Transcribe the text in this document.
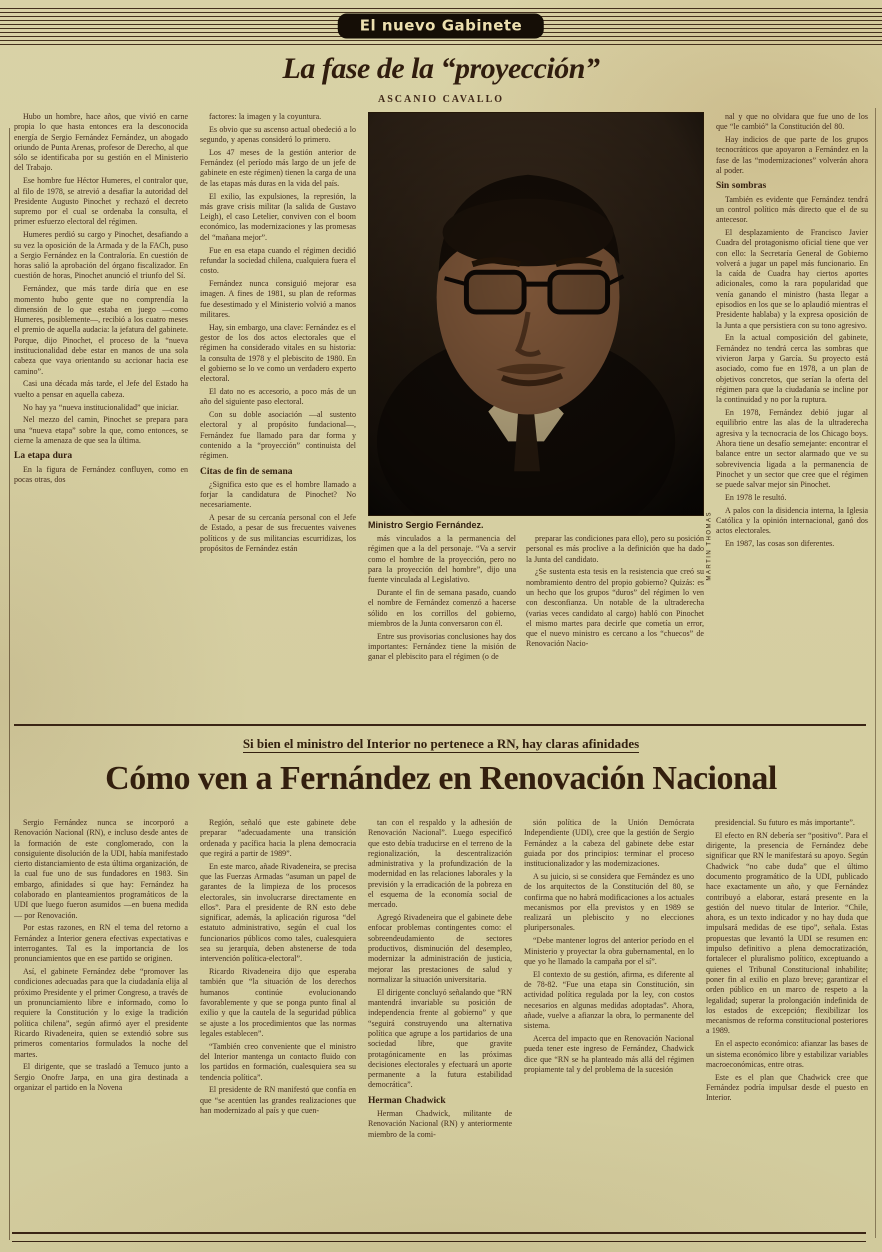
El nuevo Gabinete
La fase de la “proyección”
ASCANIO CAVALLO

Hubo un hombre, hace años, que vivió en carne propia lo que hasta entonces era la desconocida energía de Sergio Fernández Fernández, un abogado oriundo de Punta Arenas, profesor de Derecho, al que sólo se identificaba por su gestión en el Ministerio del Trabajo.

Ese hombre fue Héctor Humeres, el contralor que, al filo de 1978, se atrevió a desafiar la autoridad del Presidente Augusto Pinochet y rechazó el decreto supremo por el cual se ordenaba la consulta, el primer esfuerzo electoral del régimen.

Humeres perdió su cargo y Pinochet, desafiando a su vez la oposición de la Armada y de la FACh, puso a Sergio Fernández en la Contraloría. En cuestión de horas salió la aprobación del órgano fiscalizador. En cuestión de horas, Pinochet anunció el triunfo del Sí.

Fernández, que más tarde diría que en ese momento hubo gente que no comprendía la dimensión de lo que estaba en juego —como Humeres, posiblemente—, recibió a los cuatro meses el premio de aquella audacia: la jefatura del gabinete. Porque, dijo Pinochet, el proceso de la “nueva institucionalidad debe estar en manos de una sola cabeza que vaya orientando su accionar hacia ese camino”.

Casi una década más tarde, el Jefe del Estado ha vuelto a pensar en aquella cabeza.

No hay ya “nueva institucionalidad” que iniciar.

Nel mezzo del camin, Pinochet se prepara para una “nueva etapa” sobre la que, como entonces, se cierne la amenaza de que sea la última.

La etapa dura

En la figura de Fernández confluyen, como en pocas otras, dos

factores: la imagen y la coyuntura.

Es obvio que su ascenso actual obedeció a lo segundo, y apenas consideró lo primero.

Los 47 meses de la gestión anterior de Fernández (el período más largo de un jefe de gabinete en este régimen) tienen la carga de una de las etapas más duras en la vida del país.

El exilio, las expulsiones, la represión, la más grave crisis militar (la salida de Gustavo Leigh), el caso Letelier, conviven con el boom económico, las modernizaciones y las promesas del “mañana mejor”.

Fue en esa etapa cuando el régimen decidió refundar la sociedad chilena, cualquiera fuera el costo.

Fernández nunca consiguió mejorar esa imagen. A fines de 1981, su plan de reformas fue desestimado y el Ministerio volvió a manos militares.

Hay, sin embargo, una clave: Fernández es el gestor de los dos actos electorales que el régimen ha considerado vitales en su historia: la consulta de 1978 y el plebiscito de 1980. En el gobierno se lo ve como un verdadero experto electoral.

El dato no es accesorio, a poco más de un año del siguiente paso electoral.

Con su doble asociación —al sustento electoral y al propósito fundacional—, Fernández fue llamado para dar forma y contenido a la “proyección” continuista del régimen.

Citas de fin de semana

¿Significa esto que es el hombre llamado a forjar la candidatura de Pinochet? No necesariamente.

A pesar de su cercanía personal con el Jefe de Estado, a pesar de sus frecuentes vaivenes políticos y de sus militancias escurridizas, los propósitos de Fernández están	MARTIN THOMAS
Ministro Sergio Fernández.

más vinculados a la permanencia del régimen que a la del personaje. “Va a servir como el hombre de la proyección, pero no para la proyección del hombre”, dijo una fuente vinculada al Legislativo.

Durante el fin de semana pasado, cuando el nombre de Fernández comenzó a hacerse sólido en los corrillos del gobierno, miembros de la Junta conversaron con él.

Entre sus provisorias conclusiones hay dos importantes: Fernández tiene la misión de ganar el plebiscito para el régimen (o de

preparar las condiciones para ello), pero su posición personal es más proclive a la definición que ha dado la Junta del candidato.

¿Se sustenta esta tesis en la resistencia que creó su nombramiento dentro del propio gobierno? Quizás: es un hecho que los grupos “duros” del régimen lo ven con desconfianza. Un notable de la ultraderecha (varias veces candidato al cargo) habló con Pinochet el mismo martes para decirle que cometía un error, que el nuevo ministro es cercano a los “chuecos” de Renovación Nacio-

nal y que no olvidara que fue uno de los que “le cambió” la Constitución del 80.

Hay indicios de que parte de los grupos tecnocráticos que apoyaron a Fernández en la fase de las “modernizaciones” volverán ahora al poder.

Sin sombras

También es evidente que Fernández tendrá un control político más directo que el de su antecesor.

El desplazamiento de Francisco Javier Cuadra del protagonismo oficial tiene que ver con ello: la Secretaría General de Gobierno volverá a jugar un papel más funcionario. En la caída de Cuadra hay ciertos aportes adicionales, como la rara popularidad que venía ganando el ministro (hasta llegar a episodios en los que se lo aplaudió mientras el Presidente hablaba) y la expresa oposición de la Junta a que persistiera con su tono agresivo.

En la actual composición del gabinete, Fernández no tendrá cerca las sombras que vivieron Jarpa y García. Su proyecto está asociado, como fue en 1978, a un plan de objetivos concretos, que serían la oferta del régimen para que la ciudadanía se incline por la continuidad y no por la ruptura.

En 1978, Fernández debió jugar al equilibrio entre las alas de la ultraderecha agresiva y la tecnocracia de los Chicago boys. Ahora tiene un desafío semejante: encontrar el balance entre un sector alarmado que ve su sobrevivencia ligada a la permanencia de Pinochet y un sector que cree que el régimen se puede salvar mejor sin Pinochet.

En 1978 le resultó.

A palos con la disidencia interna, la Iglesia Católica y la opinión internacional, ganó dos actos electorales.

En 1987, las cosas son diferentes.

Si bien el ministro del Interior no pertenece a RN, hay claras afinidades
Cómo ven a Fernández en Renovación Nacional

Sergio Fernández nunca se incorporó a Renovación Nacional (RN), e incluso desde antes de la formación de este conglomerado, con la consiguiente disolución de la UDI, había manifestado cierto distanciamiento de esta última organización, de la cual fue uno de sus fundadores en 1983. Sin embargo, afinidades sí que hay: Fernández ha colaborado en planteamientos programáticos de la UDI que luego fueron asumidos —en buena medida— por Renovación.

Por estas razones, en RN el tema del retorno a Fernández a Interior genera efectivas expectativas e interrogantes. Tal es la importancia de los pronunciamientos que en ese partido se originen.

Así, el gabinete Fernández debe “promover las condiciones adecuadas para que la ciudadanía elija al próximo Presidente y el primer Congreso, a través de un pronunciamiento libre e informado, como lo requiere la Constitución y lo exige la tradición política chilena”, según afirmó ayer el presidente Ricardo Rivadeneira, quien se extendió sobre sus primeros comentarios formulados la noche del martes.

El dirigente, que se trasladó a Temuco junto a Sergio Onofre Jarpa, en una gira destinada a organizar el partido en la Novena

Región, señaló que este gabinete debe preparar “adecuadamente una transición ordenada y pacífica hacia la plena democracia que regirá a partir de 1989”.

En este marco, añade Rivadeneira, se precisa que las Fuerzas Armadas “asuman un papel de garantes de la limpieza de los procesos electorales, sin involucrarse directamente en ellos”. Para el presidente de RN esto debe significar, además, la aplicación rigurosa “del estatuto administrativo, según el cual los funcionarios públicos como tales, cualesquiera sea su jerarquía, deben abstenerse de toda intervención política-electoral”.

Ricardo Rivadeneira dijo que esperaba también que “la situación de los derechos humanos continúe evolucionando favorablemente y que se ponga punto final al exilio y que la cautela de la seguridad pública se ajuste a los procedimientos que las normas legales establecen”.

“También creo conveniente que el ministro del Interior mantenga un contacto fluido con los partidos en formación, cualesquiera sea su tendencia política”.

El presidente de RN manifestó que confía en que “se acentúen las grandes realizaciones que han modernizado al país y que cuen-

tan con el respaldo y la adhesión de Renovación Nacional”. Luego especificó que esto debía traducirse en el terreno de la regionalización, la descentralización administrativa y la profundización de la modernidad en las relaciones laborales y la previsión y la erradicación de la pobreza en el esquema de la economía social de mercado.

Agregó Rivadeneira que el gabinete debe enfocar problemas contingentes como: el sobreendeudamiento de sectores productivos, disminución del desempleo, modernizar la administración de justicia, mejorar las prestaciones de salud y normalizar la situación universitaria.

El dirigente concluyó señalando que “RN mantendrá invariable su posición de independencia frente al gobierno” y que “seguirá construyendo una alternativa política que agrupe a los partidarios de una sociedad libre, que gravite protagónicamente en las próximas decisiones electorales y efectuará un aporte permanente a la futura estabilidad democrática”.

Herman Chadwick

Herman Chadwick, militante de Renovación Nacional (RN) y anteriormente miembro de la comi-

sión política de la Unión Demócrata Independiente (UDI), cree que la gestión de Sergio Fernández a la cabeza del gabinete debe estar guiada por dos principios: terminar el proceso institucionalizador y las modernizaciones.

A su juicio, si se considera que Fernández es uno de los arquitectos de la Constitución del 80, se confirma que no habrá modificaciones a los actuales mecanismos por ella previstos y en 1989 se realizará un plebiscito y no elecciones pluripersonales.

“Debe mantener logros del anterior período en el Ministerio y proyectar la obra gubernamental, en lo que yo he llamado la campaña por el sí”.

El contexto de su gestión, afirma, es diferente al de 78-82. “Fue una etapa sin Constitución, sin actividad política regulada por la ley, con costos necesarios en algunas medidas adoptadas”. Ahora, añade, vuelve a afianzar la obra, lo permanente del sistema.

Acerca del impacto que en Renovación Nacional pueda tener este ingreso de Fernández, Chadwick dice que “RN se ha planteado más allá del régimen propiamente tal y del problema de la sucesión

presidencial. Su futuro es más importante”.

El efecto en RN debería ser “positivo”. Para el dirigente, la presencia de Fernández debe significar que RN le manifestará su apoyo. Según Chadwick “no cabe duda” que el último documento programático de la UDI, publicado hace exactamente un año, y que Fernández contribuyó a elaborar, estará presente en la gestión del nuevo titular de Interior. “Chile, ahora, es un texto indicador y no hay duda que impulsará medidas de ese tipo”, señala. Estas propuestas que levantó la UDI se resumen en: impulso definitivo a plena democratización, fortalecer el pluralismo político, exceptuando a quienes el Tribunal Constitucional inhabilite; poner fin al exilio en plazo breve; garantizar el orden público en un marco de respeto a la legalidad; superar la prolongación indefinida de los estados de excepción; flexibilizar los mecanismos de reforma constitucional posteriores a 1989.

En el aspecto económico: afianzar las bases de un sistema económico libre y estabilizar variables macroeconómicas, entre otras.

Este es el plan que Chadwick cree que Fernández podría impulsar desde el puesto en Interior.
